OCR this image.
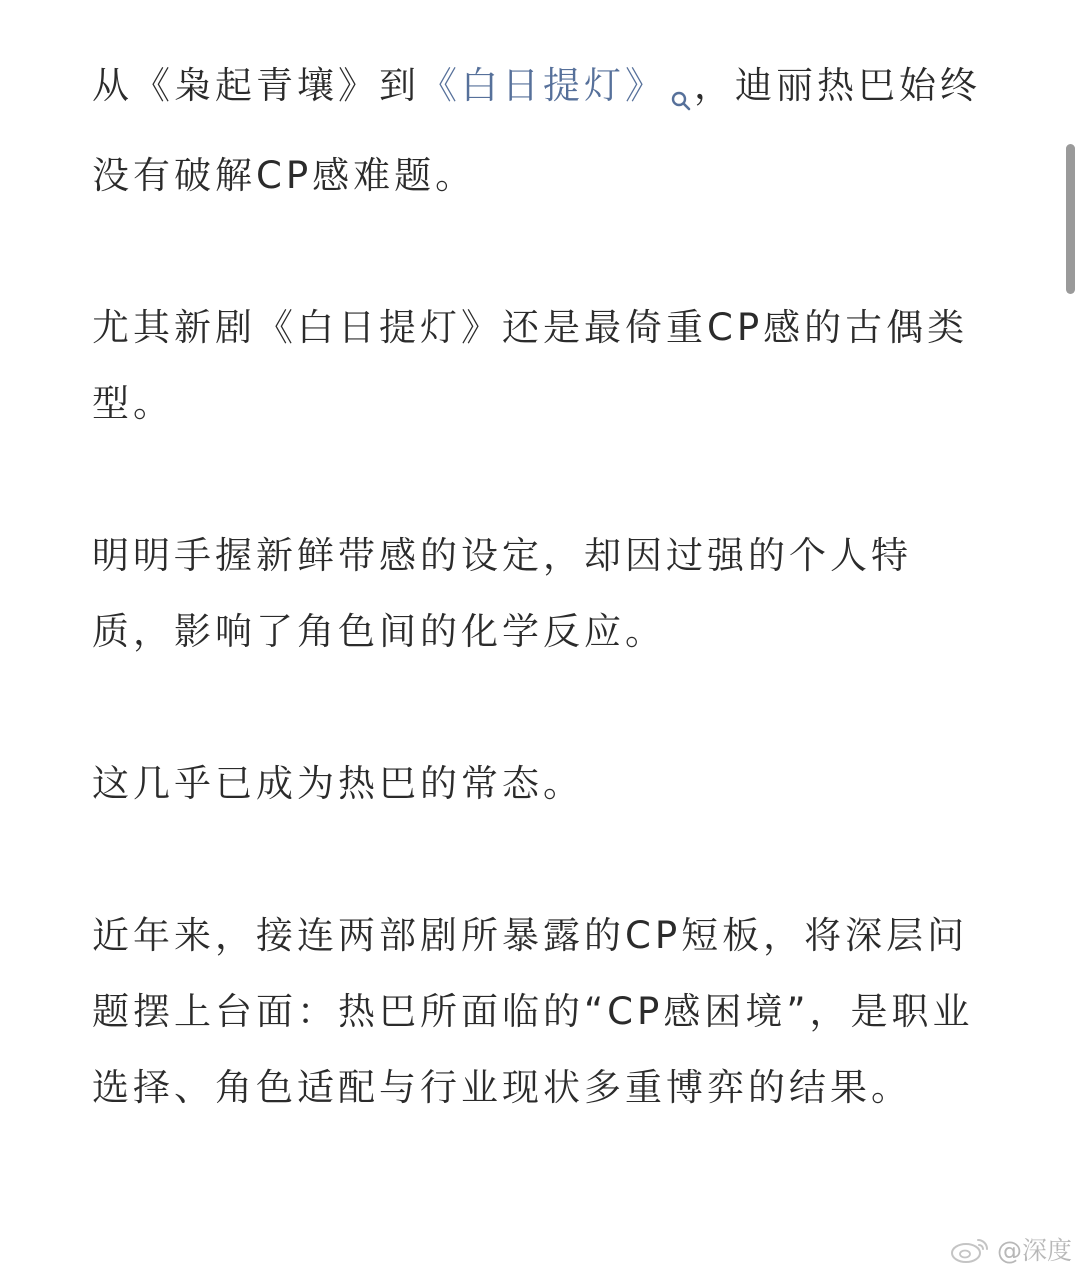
从《枭起青壤》到《白日提灯》 ，迪丽热巴始终没有破解CP感难题。

尤其新剧《白日提灯》还是最倚重CP感的古偶类型。

明明手握新鲜带感的设定，却因过强的个人特质，影响了角色间的化学反应。

这几乎已成为热巴的常态。

近年来，接连两部剧所暴露的CP短板，将深层问题摆上台面：热巴所面临的“CP感困境”，是职业选择、角色适配与行业现状多重博弈的结果。

@深度
